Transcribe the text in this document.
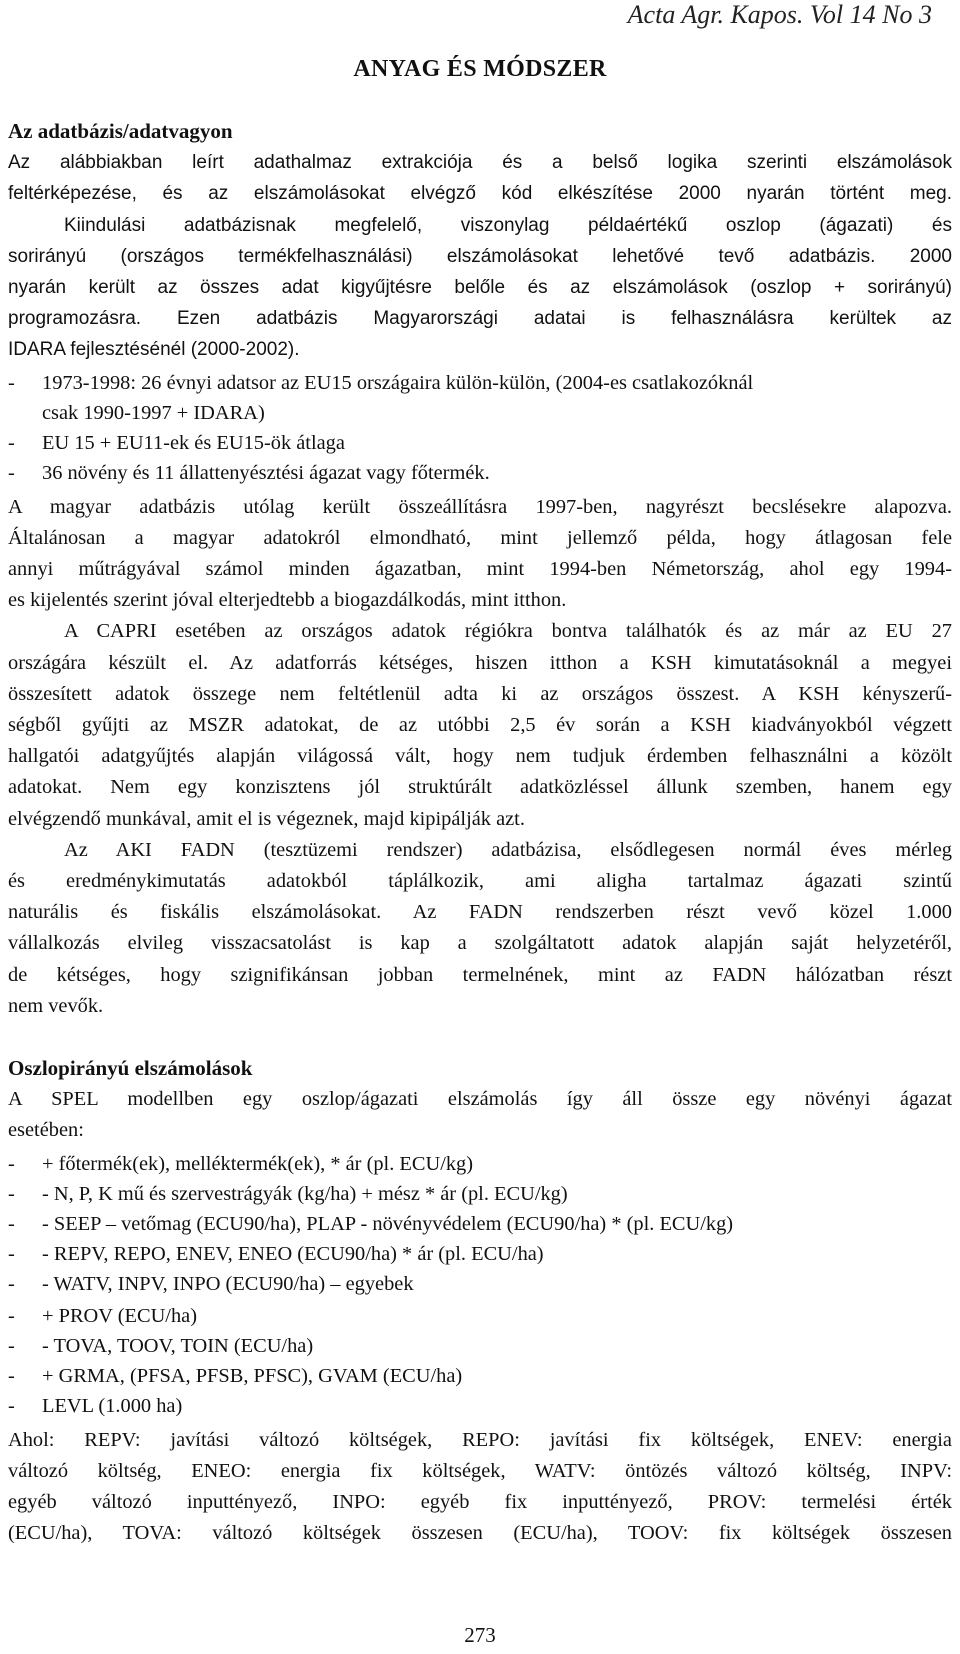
Acta Agr. Kapos. Vol 14 No 3
ANYAG ÉS MÓDSZER
Az adatbázis/adatvagyon
Az alábbiakban leírt adathalmaz extrakciója és a belső logika szerinti elszámolások
feltérképezése, és az elszámolásokat elvégző kód elkészítése 2000 nyarán történt meg.
Kiindulási adatbázisnak megfelelő, viszonylag példaértékű oszlop (ágazati) és
sorirányú (országos termékfelhasználási) elszámolásokat lehetővé tevő adatbázis. 2000
nyarán került az összes adat kigyűjtésre belőle és az elszámolások (oszlop + sorirányú)
programozásra. Ezen adatbázis Magyarországi adatai is felhasználásra kerültek az
IDARA fejlesztésénél (2000-2002).
- 1973-1998: 26 évnyi adatsor az EU15 országaira külön-külön, (2004-es csatlakozóknál
csak 1990-1997 + IDARA)
- EU 15 + EU11-ek és EU15-ök átlaga
- 36 növény és 11 állattenyésztési ágazat vagy főtermék.
A magyar adatbázis utólag került összeállításra 1997-ben, nagyrészt becslésekre alapozva.
Általánosan a magyar adatokról elmondható, mint jellemző példa, hogy átlagosan fele
annyi műtrágyával számol minden ágazatban, mint 1994-ben Németország, ahol egy 1994-
es kijelentés szerint jóval elterjedtebb a biogazdálkodás, mint itthon.
A CAPRI esetében az országos adatok régiókra bontva találhatók és az már az EU 27
országára készült el. Az adatforrás kétséges, hiszen itthon a KSH kimutatásoknál a megyei
összesített adatok összege nem feltétlenül adta ki az országos összest. A KSH kényszerű-
ségből gyűjti az MSZR adatokat, de az utóbbi 2,5 év során a KSH kiadványokból végzett
hallgatói adatgyűjtés alapján világossá vált, hogy nem tudjuk érdemben felhasználni a közölt
adatokat. Nem egy konzisztens jól struktúrált adatközléssel állunk szemben, hanem egy
elvégzendő munkával, amit el is végeznek, majd kipipálják azt.
Az AKI FADN (tesztüzemi rendszer) adatbázisa, elsődlegesen normál éves mérleg
és eredménykimutatás adatokból táplálkozik, ami aligha tartalmaz ágazati szintű
naturális és fiskális elszámolásokat. Az FADN rendszerben részt vevő közel 1.000
vállalkozás elvileg visszacsatolást is kap a szolgáltatott adatok alapján saját helyzetéről,
de kétséges, hogy szignifikánsan jobban termelnének, mint az FADN hálózatban részt
nem vevők.
Oszlopirányú elszámolások
A SPEL modellben egy oszlop/ágazati elszámolás így áll össze egy növényi ágazat
esetében:
- + főtermék(ek), melléktermék(ek), * ár (pl. ECU/kg)
- - N, P, K mű és szervestrágyák (kg/ha) + mész * ár (pl. ECU/kg)
- - SEEP – vetőmag (ECU90/ha), PLAP - növényvédelem (ECU90/ha) * (pl. ECU/kg)
- - REPV, REPO, ENEV, ENEO (ECU90/ha) * ár (pl. ECU/ha)
- - WATV, INPV, INPO (ECU90/ha) – egyebek
- + PROV (ECU/ha)
- - TOVA, TOOV, TOIN (ECU/ha)
- + GRMA, (PFSA, PFSB, PFSC), GVAM (ECU/ha)
- LEVL (1.000 ha)
Ahol: REPV: javítási változó költségek, REPO: javítási fix költségek, ENEV: energia
változó költség, ENEO: energia fix költségek, WATV: öntözés változó költség, INPV:
egyéb változó inputtényező, INPO: egyéb fix inputtényező, PROV: termelési érték
(ECU/ha), TOVA: változó költségek összesen (ECU/ha), TOOV: fix költségek összesen
273
